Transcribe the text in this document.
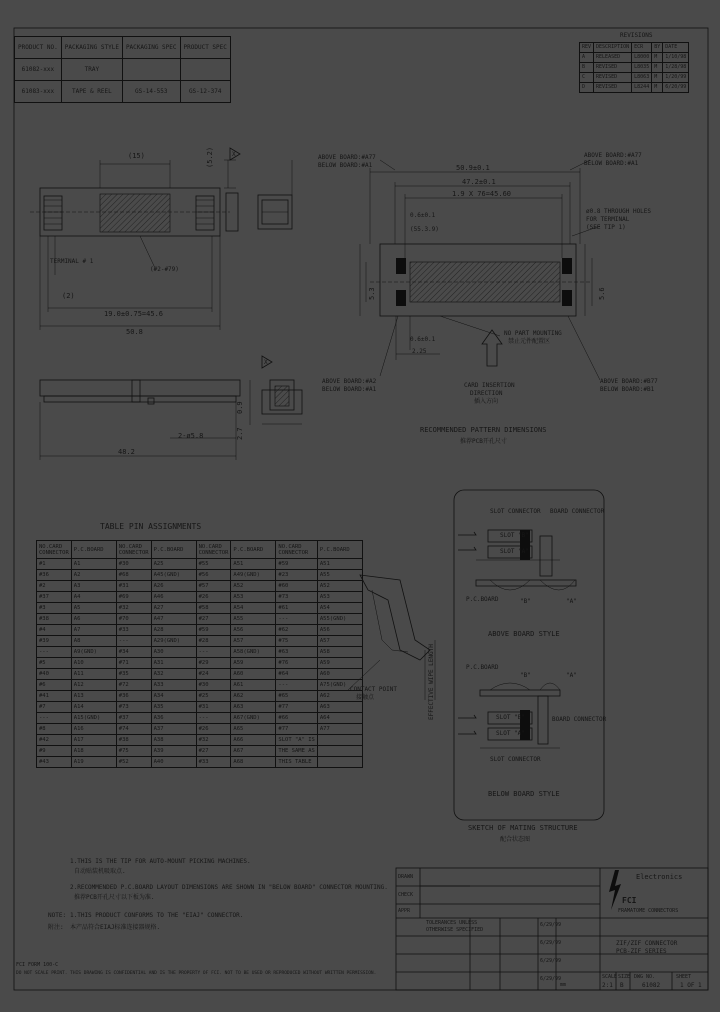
PRODUCT NO.	PACKAGING STYLE	PACKAGING SPEC	PRODUCT SPEC
61082-xxx	TRAY		
61083-xxx	TAPE & REEL	GS-14-553	GS-12-374
REVISIONS
REV	DESCRIPTION	ECR	BY	DATE
A	RELEASED	L8000	M	1/10/98
B	REVISED	L8035	M	1/28/98
C	REVISED	L8063	M	1/20/99
D	REVISED	L8244	M	6/20/99
(15)	(5.2)
TERMINAL # 1
(#2-#79)
(2)
19.0±0.75=45.6
50.8
X
48.2
2-ø5.8
0.9
2.7
X
ABOVE BOARD:#A77
BELOW BOARD:#A1
ABOVE BOARD:#A77
BELOW BOARD:#A1
50.9±0.1
47.2±0.1
1.9 X 76=45.60
0.6±0.1
(55.3.9)
ø0.8 THROUGH HOLES
FOR TERMINAL
(SEE TIP 1)
5.6
5.3
0.6±0.1
2.25
NO PART MOUNTING
禁止元件配置区
CARD INSERTION
DIRECTION
插入方向
ABOVE BOARD:#A2
BELOW BOARD:#A1
ABOVE BOARD:#B77
BELOW BOARD:#B1
RECOMMENDED PATTERN DIMENSIONS
推荐PCB开孔尺寸
TABLE PIN ASSIGNMENTS
NO.CARD CONNECTOR	P.C.BOARD	NO.CARD CONNECTOR	P.C.BOARD	NO.CARD CONNECTOR	P.C.BOARD	NO.CARD CONNECTOR	P.C.BOARD
#1	A1	#30	A25	#55	A51	#59	A51
#36	A2	#68	A45(GND)	#56	A49(GND)	#23	A55
#2	A3	#31	A26	#57	A52	#60	A52
#37	A4	#69	A46	#26	A53	#73	A53
#3	A5	#32	A27	#58	A54	#61	A54
#38	A6	#70	A47	#27	A55	---	A55(GND)
#4	A7	#33	A28	#59	A56	#62	A56
#39	A8	---	A29(GND)	#28	A57	#75	A57
---	A9(GND)	#34	A30	---	A58(GND)	#63	A58
#5	A10	#71	A31	#29	A59	#76	A59
#40	A11	#35	A32	#24	A60	#64	A60
#6	A12	#72	A33	#30	A61	---	A75(GND)
#41	A13	#36	A34	#25	A62	#65	A62
#7	A14	#73	A35	#31	A63	#77	A63
---	A15(GND)	#37	A36	---	A67(GND)	#66	A64
#8	A16	#74	A37	#26	A65	#77	A77
#42	A17	#38	A38	#32	A66	SLOT "A" IS	
#9	A18	#75	A39	#27	A67	THE SAME AS	
#43	A19	#52	A40	#33	A68	THIS TABLE	
SLOT CONNECTOR BOARD CONNECTOR
SLOT "B"
SLOT "A"
P.C.BOARD	"B"	"A"
ABOVE BOARD STYLE
P.C.BOARD
"B"	"A"
BOARD CONNECTOR
SLOT "B"
SLOT "A"
SLOT CONNECTOR
BELOW BOARD STYLE
SKETCH OF MATING STRUCTURE
配合状态图
CONTACT POINT
接触点	EFFECTIVE WIPE LENGTH
1.THIS IS THE TIP FOR AUTO-MOUNT PICKING MACHINES.
自动贴装机吸取点.
2.RECOMMENDED P.C.BOARD LAYOUT DIMENSIONS ARE SHOWN IN "BELOW BOARD" CONNECTOR MOUNTING.
推荐PCB开孔尺寸以下板为准.
NOTE: 1.THIS PRODUCT CONFORMS TO THE "EIAJ" CONNECTOR.
附注: 本产品符合EIAJ标准连接器规格.
Electronics
FCI
FRAMATOME CONNECTORS
ZIF/ZIF CONNECTOR
PCB-ZIF SERIES
SCALE SIZE DWG NO.	SHEET
2:1 B	61082	1 OF 1
DRAWN
CHECK
APPR
TOLERANCES UNLESS
OTHERWISE SPECIFIED
6/29/99
6/29/99
6/29/99
6/29/99
mm
FCI FORM 100-C
DO NOT SCALE PRINT. THIS DRAWING IS CONFIDENTIAL AND IS THE PROPERTY OF FCI. NOT TO BE USED OR REPRODUCED WITHOUT WRITTEN PERMISSION.
